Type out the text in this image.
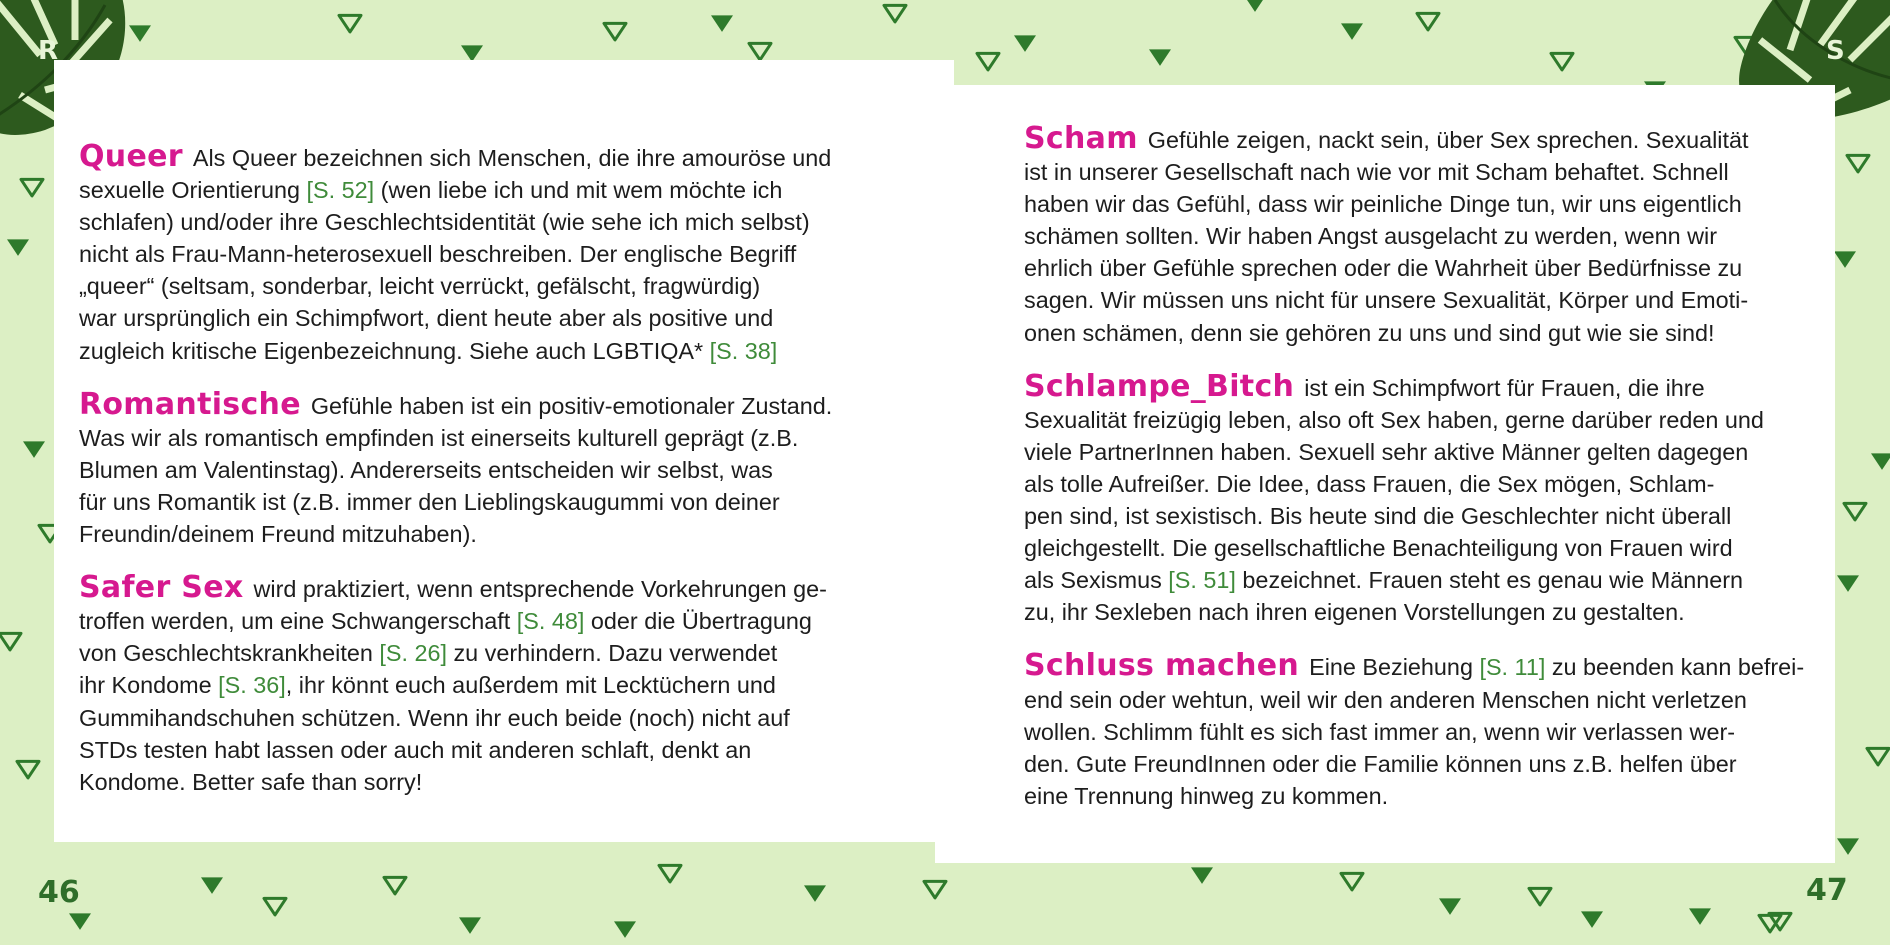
R	S

Queer Als Queer bezeichnen sich Menschen, die ihre amouröse und
sexuelle Orientierung [S. 52] (wen liebe ich und mit wem möchte ich
schlafen) und/oder ihre Geschlechtsidentität (wie sehe ich mich selbst)
nicht als Frau-Mann-heterosexuell beschreiben. Der englische Begriff
„queer“ (seltsam, sonderbar, leicht verrückt, gefälscht, fragwürdig)
war ursprünglich ein Schimpfwort, dient heute aber als positive und
zugleich kritische Eigenbezeichnung. Siehe auch LGBTIQA* [S. 38]

Romantische Gefühle haben ist ein positiv-emotionaler Zustand.
Was wir als romantisch empfinden ist einerseits kulturell geprägt (z.B.
Blumen am Valentinstag). Andererseits entscheiden wir selbst, was
für uns Romantik ist (z.B. immer den Lieblingskaugummi von deiner
Freundin/deinem Freund mitzuhaben).

Safer Sex wird praktiziert, wenn entsprechende Vorkehrungen ge-
troffen werden, um eine Schwangerschaft [S. 48] oder die Übertragung
von Geschlechtskrankheiten [S. 26] zu verhindern. Dazu verwendet
ihr Kondome [S. 36], ihr könnt euch außerdem mit Lecktüchern und
Gummihandschuhen schützen. Wenn ihr euch beide (noch) nicht auf
STDs testen habt lassen oder auch mit anderen schlaft, denkt an
Kondome. Better safe than sorry!

Scham Gefühle zeigen, nackt sein, über Sex sprechen. Sexualität
ist in unserer Gesellschaft nach wie vor mit Scham behaftet. Schnell
haben wir das Gefühl, dass wir peinliche Dinge tun, wir uns eigentlich
schämen sollten. Wir haben Angst ausgelacht zu werden, wenn wir
ehrlich über Gefühle sprechen oder die Wahrheit über Bedürfnisse zu
sagen. Wir müssen uns nicht für unsere Sexualität, Körper und Emoti-
onen schämen, denn sie gehören zu uns und sind gut wie sie sind!

Schlampe_Bitch ist ein Schimpfwort für Frauen, die ihre
Sexualität freizügig leben, also oft Sex haben, gerne darüber reden und
viele PartnerInnen haben. Sexuell sehr aktive Männer gelten dagegen
als tolle Aufreißer. Die Idee, dass Frauen, die Sex mögen, Schlam-
pen sind, ist sexistisch. Bis heute sind die Geschlechter nicht überall
gleichgestellt. Die gesellschaftliche Benachteiligung von Frauen wird
als Sexismus [S. 51] bezeichnet. Frauen steht es genau wie Männern
zu, ihr Sexleben nach ihren eigenen Vorstellungen zu gestalten.

Schluss machen Eine Beziehung [S. 11] zu beenden kann befrei-
end sein oder wehtun, weil wir den anderen Menschen nicht verletzen
wollen. Schlimm fühlt es sich fast immer an, wenn wir verlassen wer-
den. Gute FreundInnen oder die Familie können uns z.B. helfen über
eine Trennung hinweg zu kommen.

46	47
